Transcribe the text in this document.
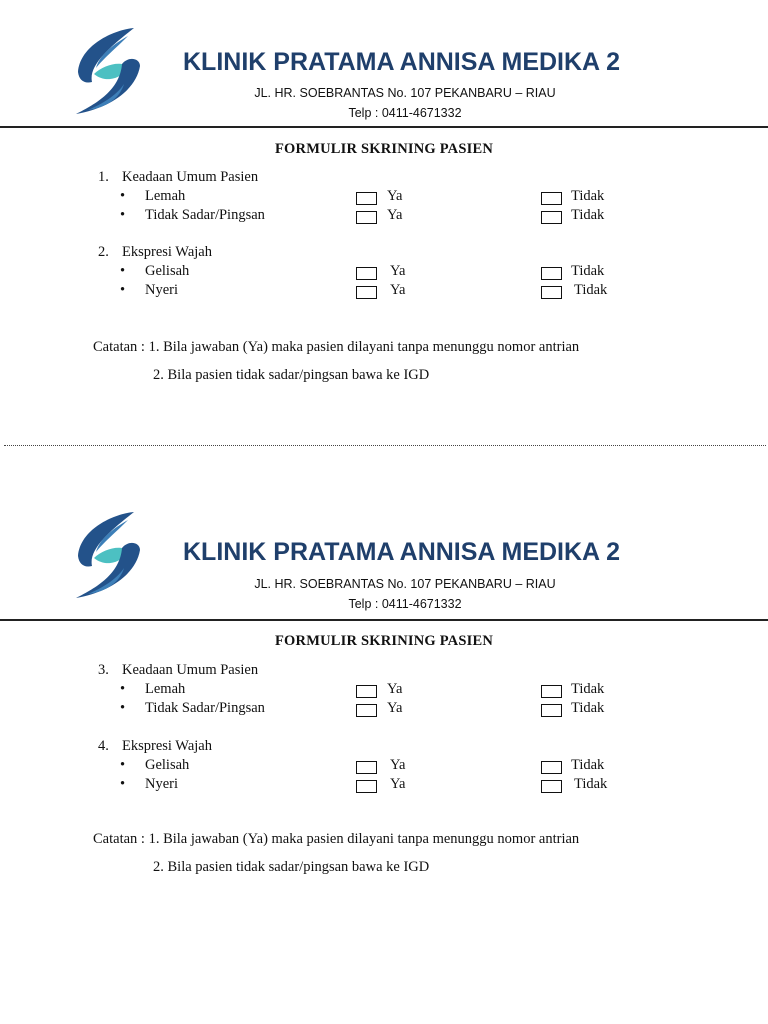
KLINIK PRATAMA ANNISA MEDIKA 2
JL. HR. SOEBRANTAS No. 107 PEKANBARU – RIAU
Telp : 0411-4671332
FORMULIR SKRINING PASIEN
1. Keadaan Umum Pasien
• Lemah	Ya	Tidak
• Tidak Sadar/Pingsan	Ya	Tidak
2. Ekspresi Wajah
• Gelisah	Ya	Tidak
• Nyeri	Ya	Tidak
Catatan : 1. Bila jawaban (Ya) maka pasien dilayani tanpa menunggu nomor antrian
2. Bila pasien tidak sadar/pingsan bawa ke IGD
KLINIK PRATAMA ANNISA MEDIKA 2
JL. HR. SOEBRANTAS No. 107 PEKANBARU – RIAU
Telp : 0411-4671332
FORMULIR SKRINING PASIEN
3. Keadaan Umum Pasien
• Lemah	Ya	Tidak
• Tidak Sadar/Pingsan	Ya	Tidak
4. Ekspresi Wajah
• Gelisah	Ya	Tidak
• Nyeri	Ya	Tidak
Catatan : 1. Bila jawaban (Ya) maka pasien dilayani tanpa menunggu nomor antrian
2. Bila pasien tidak sadar/pingsan bawa ke IGD
